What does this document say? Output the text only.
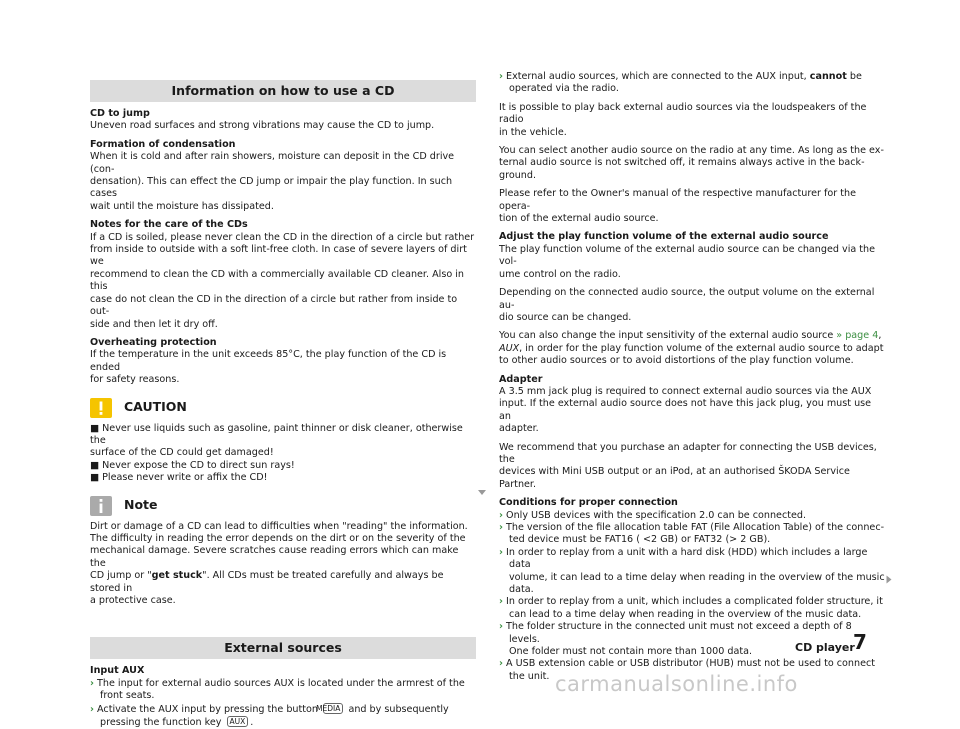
Information on how to use a CD

CD to jump

Uneven road surfaces and strong vibrations may cause the CD to jump.

Formation of condensation

When it is cold and after rain showers, moisture can deposit in the CD drive (con-

densation). This can effect the CD jump or impair the play function. In such cases

wait until the moisture has dissipated.

Notes for the care of the CDs

If a CD is soiled, please never clean the CD in the direction of a circle but rather

from inside to outside with a soft lint-free cloth. In case of severe layers of dirt we

recommend to clean the CD with a commercially available CD cleaner. Also in this

case do not clean the CD in the direction of a circle but rather from inside to out-

side and then let it dry off.

Overheating protection

If the temperature in the unit exceeds 85°C, the play function of the CD is ended

for safety reasons.

CAUTION

■ Never use liquids such as gasoline, paint thinner or disk cleaner, otherwise the

surface of the CD could get damaged!

■ Never expose the CD to direct sun rays!

■ Please never write or affix the CD!

Note

Dirt or damage of a CD can lead to difficulties when "reading" the information.

The difficulty in reading the error depends on the dirt or on the severity of the

mechanical damage. Severe scratches cause reading errors which can make the

CD jump or "get stuck". All CDs must be treated carefully and always be stored in

a protective case.

External sources

Input AUX

› The input for external audio sources AUX is located under the armrest of the

front seats.

› Activate the AUX input by pressing the button MEDIA and by subsequently

pressing the function key AUX .

› External audio sources, which are connected to the AUX input, cannot be

operated via the radio.

It is possible to play back external audio sources via the loudspeakers of the radio

in the vehicle.

You can select another audio source on the radio at any time. As long as the ex-

ternal audio source is not switched off, it remains always active in the back-

ground.

Please refer to the Owner's manual of the respective manufacturer for the opera-

tion of the external audio source.

Adjust the play function volume of the external audio source

The play function volume of the external audio source can be changed via the vol-

ume control on the radio.

Depending on the connected audio source, the output volume on the external au-

dio source can be changed.

You can also change the input sensitivity of the external audio source » page 4,

AUX, in order for the play function volume of the external audio source to adapt

to other audio sources or to avoid distortions of the play function volume.

Adapter

A 3.5 mm jack plug is required to connect external audio sources via the AUX

input. If the external audio source does not have this jack plug, you must use an

adapter.

We recommend that you purchase an adapter for connecting the USB devices, the

devices with Mini USB output or an iPod, at an authorised ŠKODA Service Partner.

Conditions for proper connection

› Only USB devices with the specification 2.0 can be connected.

› The version of the file allocation table FAT (File Allocation Table) of the connec-

ted device must be FAT16 ( <2 GB) or FAT32 (> 2 GB).

› In order to replay from a unit with a hard disk (HDD) which includes a large data

volume, it can lead to a time delay when reading in the overview of the music

data.

› In order to replay from a unit, which includes a complicated folder structure, it

can lead to a time delay when reading in the overview of the music data.

› The folder structure in the connected unit must not exceed a depth of 8 levels.

One folder must not contain more than 1000 data.

› A USB extension cable or USB distributor (HUB) must not be used to connect

the unit.

CD player
7
carmanualsonline.info
